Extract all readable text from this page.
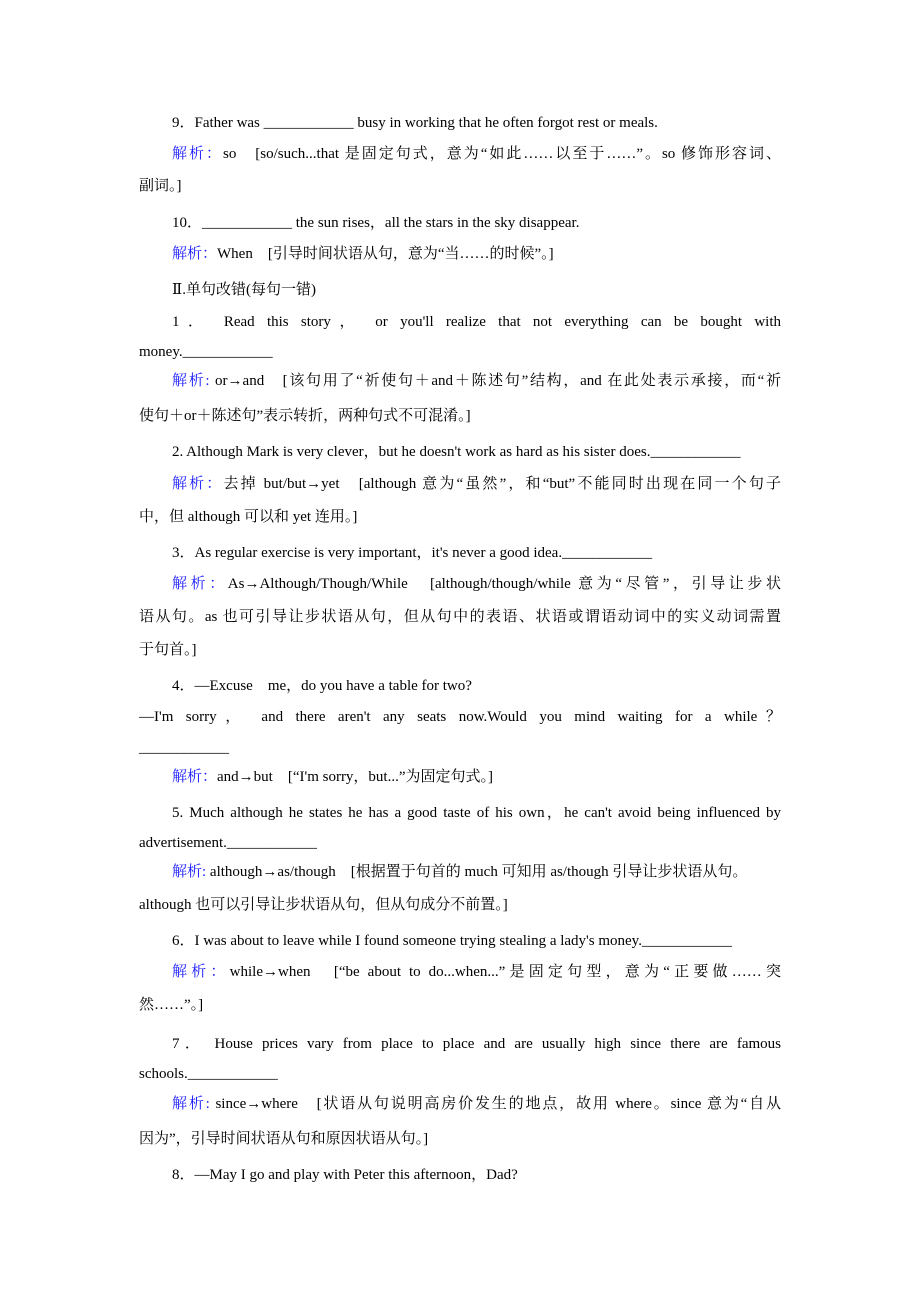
9．Father was ____________ busy in working that he often forgot rest or meals.
解析：so　[so/such...that 是固定句式，意为“如此……以至于……”。so 修饰形容词、
副词。]
10．____________ the sun rises，all the stars in the sky disappear.
解析：When　[引导时间状语从句，意为“当……的时候”。]
Ⅱ.单句改错(每句一错)
1． Read this story， or you'll realize that not everything can be bought with
money.____________
解析: or→and　[该句用了“祈使句＋and＋陈述句”结构，and 在此处表示承接，而“祈
使句＋or＋陈述句”表示转折，两种句式不可混淆。]
2. Although Mark is very clever，but he doesn't work as hard as his sister does.____________
解析：去掉 but/but→yet　[although 意为“虽然”，和“but”不能同时出现在同一个句子
中，但 although 可以和 yet 连用。]
3．As regular exercise is very important，it's never a good idea.____________
解析：As→Although/Though/While　[although/though/while 意为“尽管”，引导让步状
语从句。as 也可引导让步状语从句，但从句中的表语、状语或谓语动词中的实义动词需置
于句首。]
4．—Excuse　me，do you have a table for two?
—I'm sorry， and there aren't any seats now.Would you mind waiting for a while？
____________
解析：and→but　[“I'm sorry，but...”为固定句式。]
5. Much although he states he has a good taste of his own，he can't avoid being influenced by
advertisement.____________
解析: although→as/though　[根据置于句首的 much 可知用 as/though 引导让步状语从句。
although 也可以引导让步状语从句，但从句成分不前置。]
6．I was about to leave while I found someone trying stealing a lady's money.____________
解析：while→when　[“be about to do...when...”是固定句型，意为“正要做……突
然……”。]
7． House prices vary from place to place and are usually high since there are famous
schools.____________
解析: since→where　[状语从句说明高房价发生的地点，故用 where。since 意为“自从
因为”，引导时间状语从句和原因状语从句。]
8．—May I go and play with Peter this afternoon，Dad?
